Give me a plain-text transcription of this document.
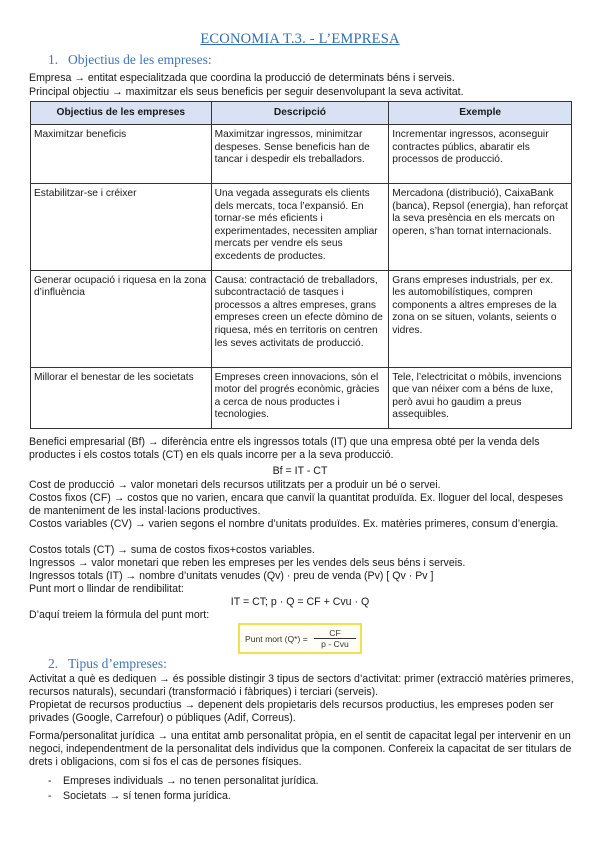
ECONOMIA T.3. - L’EMPRESA
1. Objectius de les empreses:
Empresa → entitat especialitzada que coordina la producció de determinats béns i serveis.
Principal objectiu → maximitzar els seus beneficis per seguir desenvolupant la seva activitat.
Objectius de les empreses	Descripció	Exemple
Maximitzar beneficis	Maximitzar ingressos, minimitzar despeses. Sense beneficis han de tancar i despedir els treballadors.	Incrementar ingressos, aconseguir contractes públics, abaratir els processos de producció.
Estabilitzar-se i créixer	Una vegada assegurats els clients dels mercats, toca l’expansió. En tornar-se més eficients i experimentades, necessiten ampliar mercats per vendre els seus excedents de productes.	Mercadona (distribució), CaixaBank (banca), Repsol (energia), han reforçat la seva presència en els mercats on operen, s’han tornat internacionals.
Generar ocupació i riquesa en la zona d’influència	Causa: contractació de treballadors, subcontractació de tasques i processos a altres empreses, grans empreses creen un efecte dòmino de riquesa, més en territoris on centren les seves activitats de producció.	Grans empreses industrials, per ex. les automobilístiques, compren components a altres empreses de la zona on se situen, volants, seients o vidres.
Millorar el benestar de les societats	Empreses creen innovacions, són el motor del progrés econòmic, gràcies a cerca de nous productes i tecnologies.	Tele, l’electricitat o mòbils, invencions que van néixer com a béns de luxe, però avui ho gaudim a preus assequibles.
Benefici empresarial (Bf) → diferència entre els ingressos totals (IT) que una empresa obté per la venda dels productes i els costos totals (CT) en els quals incorre per a la seva producció.
Bf = IT - CT
Cost de producció → valor monetari dels recursos utilitzats per a produir un bé o servei.
Costos fixos (CF) → costos que no varien, encara que canviï la quantitat produïda. Ex. lloguer del local, despeses de manteniment de les instal·lacions productives.
Costos variables (CV) → varien segons el nombre d’unitats produïdes. Ex. matèries primeres, consum d’energia.
Costos totals (CT) → suma de costos fixos+costos variables.
Ingressos → valor monetari que reben les empreses per les vendes dels seus béns i serveis.
Ingressos totals (IT) → nombre d’unitats venudes (Qv) · preu de venda (Pv) [ Qv · Pv ]
Punt mort o llindar de rendibilitat:
IT = CT; p · Q = CF + Cvu · Q
D’aquí treiem la fórmula del punt mort:
Punt mort (Q*) =
CF
p - Cvu
2. Tipus d’empreses:
Activitat a què es dediquen → és possible distingir 3 tipus de sectors d’activitat: primer (extracció matèries primeres, recursos naturals), secundari (transformació i fàbriques) i terciari (serveis).
Propietat de recursos productius → depenent dels propietaris dels recursos productius, les empreses poden ser privades (Google, Carrefour) o públiques (Adif, Correus).
Forma/personalitat jurídica → una entitat amb personalitat pròpia, en el sentit de capacitat legal per intervenir en un negoci, independentment de la personalitat dels individus que la componen. Confereix la capacitat de ser titulars de drets i obligacions, com si fos el cas de persones físiques.
- Empreses individuals → no tenen personalitat jurídica.
- Societats → sí tenen forma jurídica.
